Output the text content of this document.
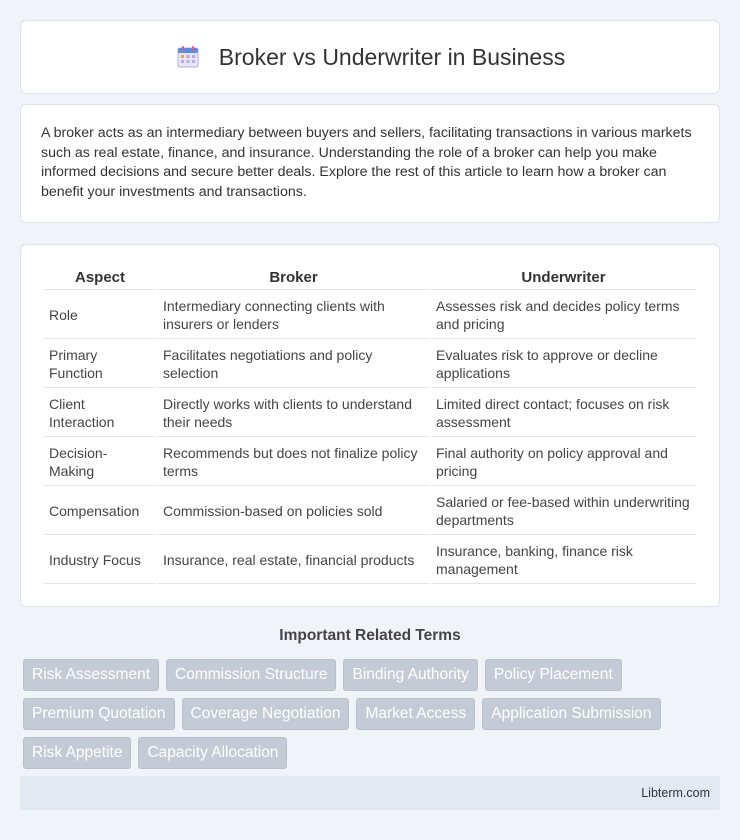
Broker vs Underwriter in Business

A broker acts as an intermediary between buyers and sellers, facilitating transactions in various markets such as real estate, finance, and insurance. Understanding the role of a broker can help you make informed decisions and secure better deals. Explore the rest of this article to learn how a broker can benefit your investments and transactions.

Aspect	Broker	Underwriter
Role	Intermediary connecting clients with insurers or lenders	Assesses risk and decides policy terms and pricing
Primary Function	Facilitates negotiations and policy selection	Evaluates risk to approve or decline applications
Client Interaction	Directly works with clients to understand their needs	Limited direct contact; focuses on risk assessment
Decision-Making	Recommends but does not finalize policy terms	Final authority on policy approval and pricing
Compensation	Commission-based on policies sold	Salaried or fee-based within underwriting departments
Industry Focus	Insurance, real estate, financial products	Insurance, banking, finance risk management
Important Related Terms
Risk Assessment	Commission Structure	Binding Authority	Policy Placement
Premium Quotation	Coverage Negotiation	Market Access	Application Submission
Risk Appetite	Capacity Allocation
Libterm.com
